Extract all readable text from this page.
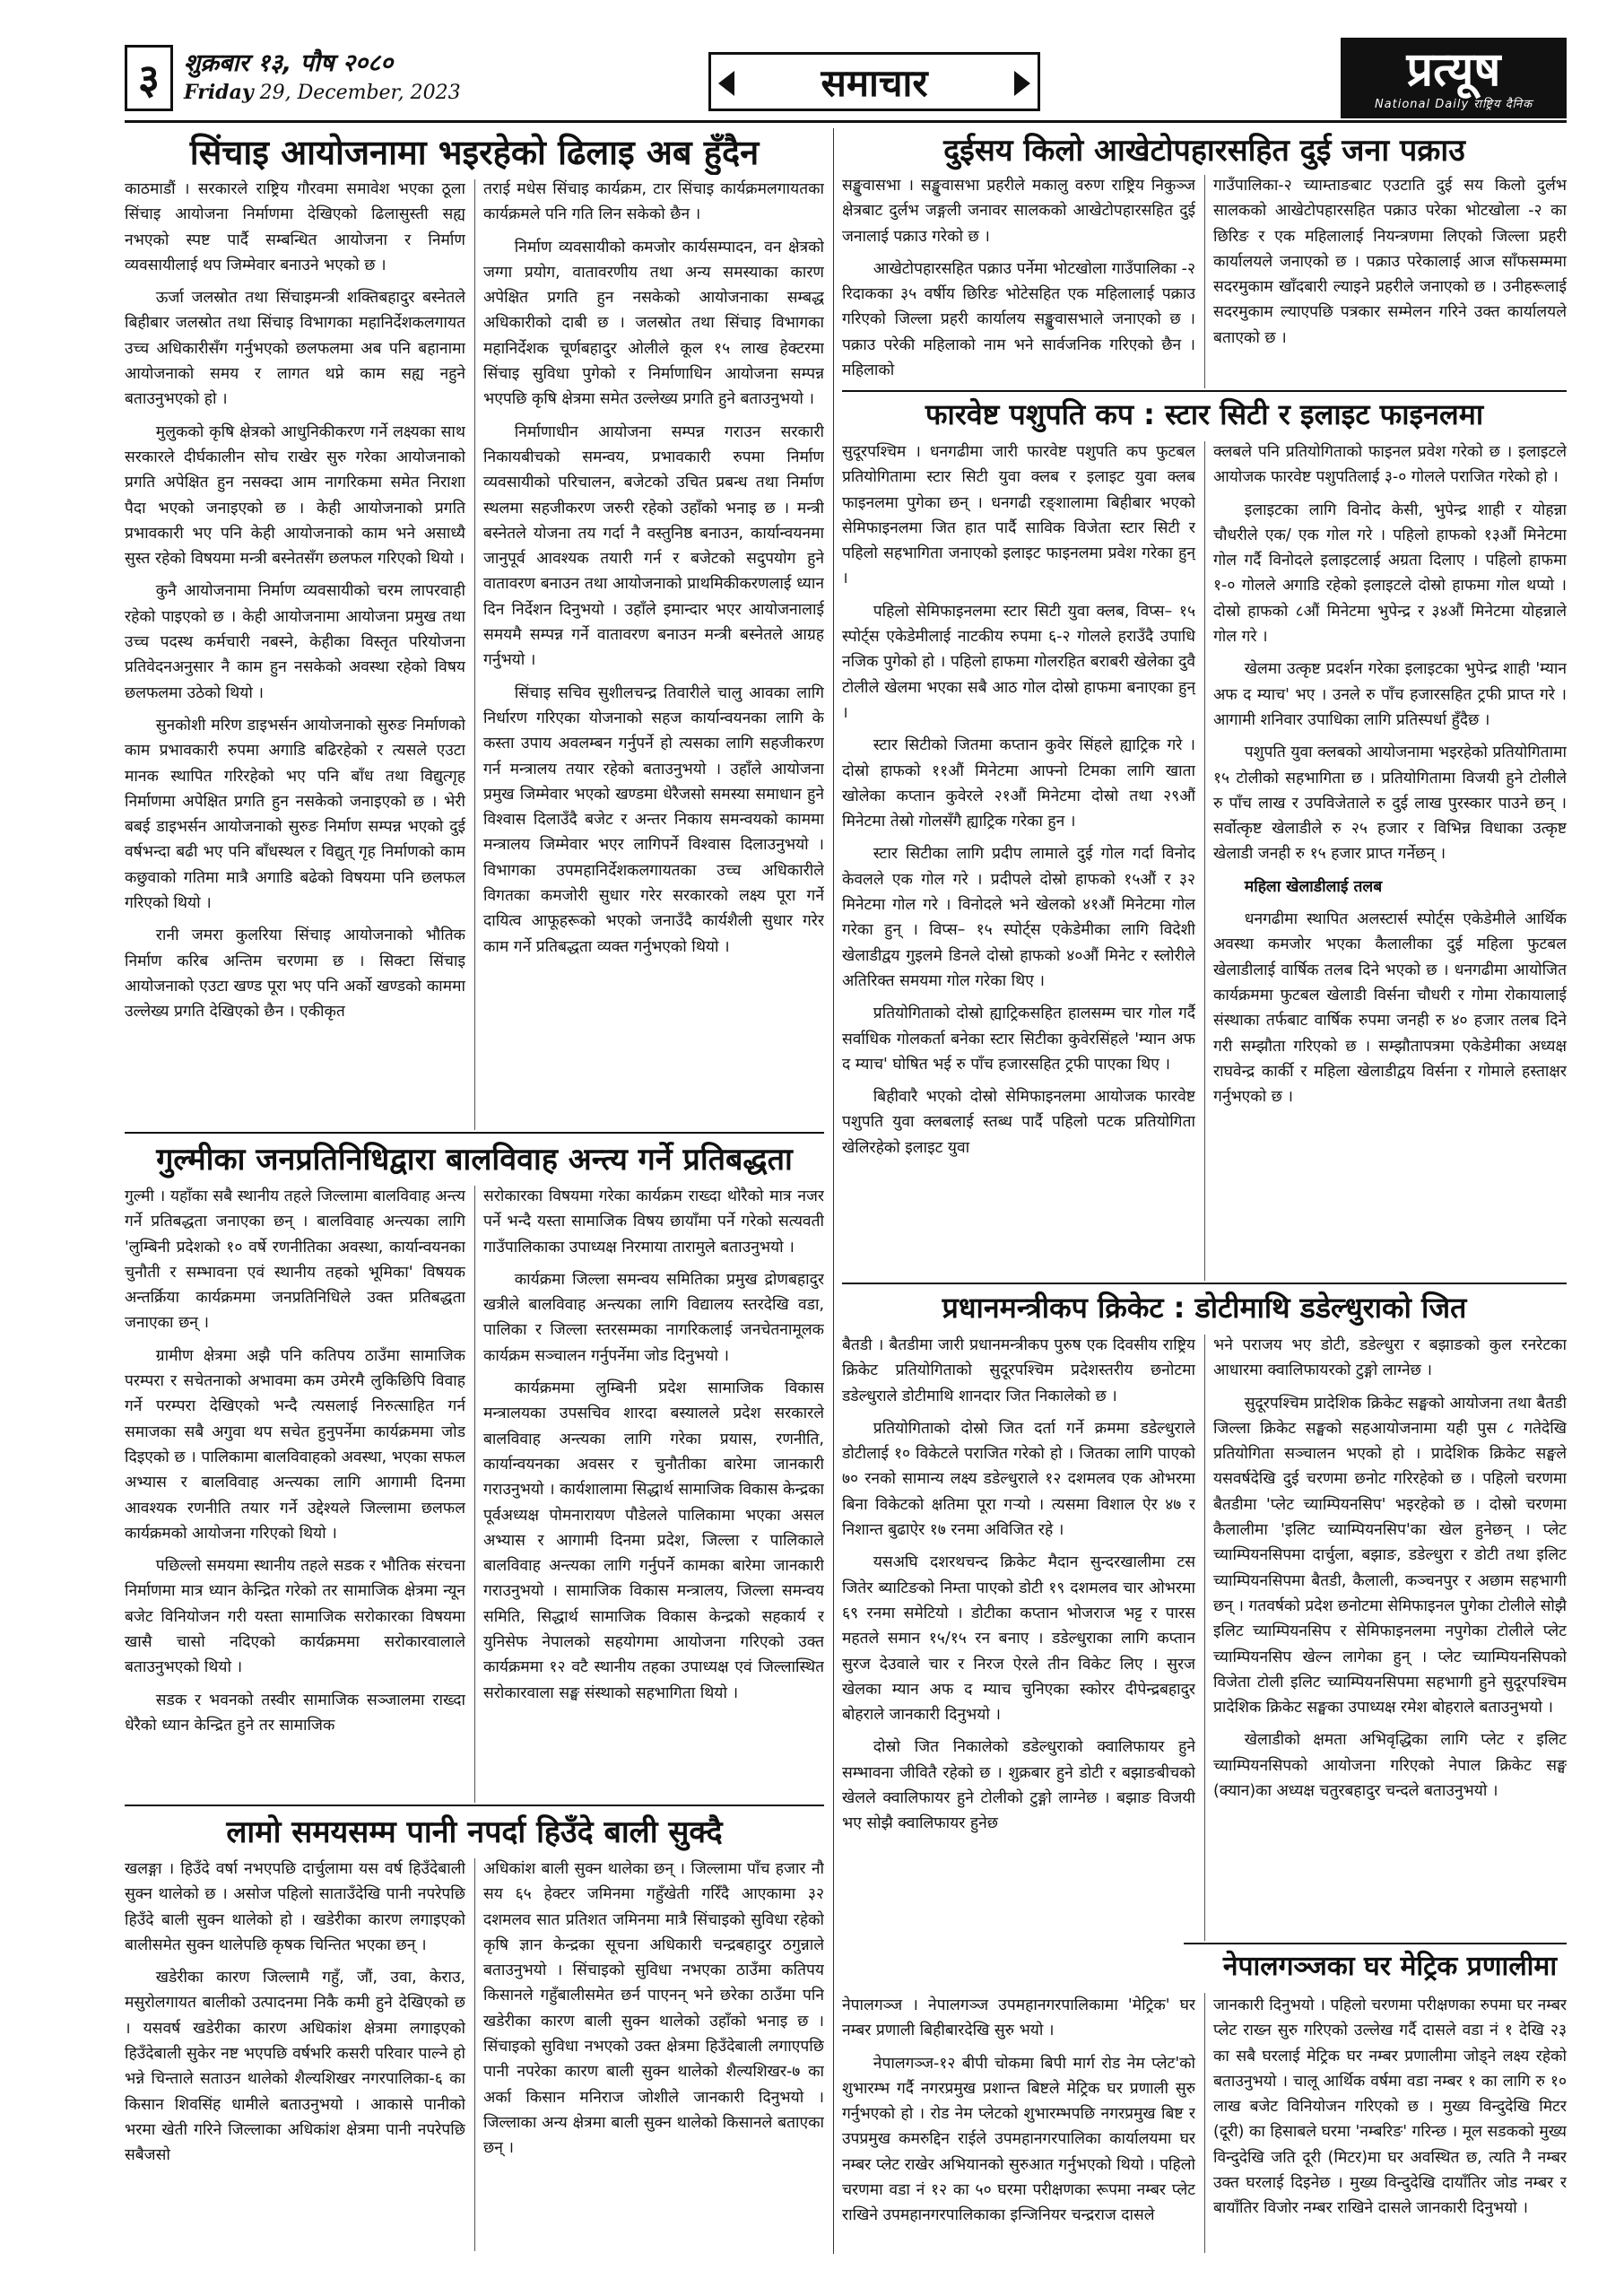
३	शुक्रबार १३, पौष २०८०
Friday 29, December, 2023	समाचार	प्रत्यूष
National Daily राष्ट्रिय दैनिक
सिंचाइ आयोजनामा भइरहेको ढिलाइ अब हुँदैन

काठमाडौं । सरकारले राष्ट्रिय गौरवमा समावेश भएका ठूला सिंचाइ आयोजना निर्माणमा देखिएको ढिलासुस्ती सह्य नभएको स्पष्ट पार्दै सम्बन्धित आयोजना र निर्माण व्यवसायीलाई थप जिम्मेवार बनाउने भएको छ ।

ऊर्जा जलस्रोत तथा सिंचाइमन्त्री शक्तिबहादुर बस्नेतले बिहीबार जलस्रोत तथा सिंचाइ विभागका महानिर्देशकलगायत उच्च अधिकारीसँग गर्नुभएको छलफलमा अब पनि बहानामा आयोजनाको समय र लागत थप्ने काम सह्य नहुने बताउनुभएको हो ।

मुलुकको कृषि क्षेत्रको आधुनिकीकरण गर्ने लक्ष्यका साथ सरकारले दीर्घकालीन सोच राखेर सुरु गरेका आयोजनाको प्रगति अपेक्षित हुन नसक्दा आम नागरिकमा समेत निराशा पैदा भएको जनाइएको छ । केही आयोजनाको प्रगति प्रभावकारी भए पनि केही आयोजनाको काम भने असाध्यै सुस्त रहेको विषयमा मन्त्री बस्नेतसँग छलफल गरिएको थियो ।

कुनै आयोजनामा निर्माण व्यवसायीको चरम लापरवाही रहेको पाइएको छ । केही आयोजनामा आयोजना प्रमुख तथा उच्च पदस्थ कर्मचारी नबस्ने, केहीका विस्तृत परियोजना प्रतिवेदनअनुसार नै काम हुन नसकेको अवस्था रहेको विषय छलफलमा उठेको थियो ।

सुनकोशी मरिण डाइभर्सन आयोजनाको सुरुङ निर्माणको काम प्रभावकारी रुपमा अगाडि बढिरहेको र त्यसले एउटा मानक स्थापित गरिरहेको भए पनि बाँध तथा विद्युत्गृह निर्माणमा अपेक्षित प्रगति हुन नसकेको जनाइएको छ । भेरी बबई डाइभर्सन आयोजनाको सुरुङ निर्माण सम्पन्न भएको दुई वर्षभन्दा बढी भए पनि बाँधस्थल र विद्युत् गृह निर्माणको काम कछुवाको गतिमा मात्रै अगाडि बढेको विषयमा पनि छलफल गरिएको थियो ।

रानी जमरा कुलरिया सिंचाइ आयोजनाको भौतिक निर्माण करिब अन्तिम चरणमा छ । सिक्टा सिंचाइ आयोजनाको एउटा खण्ड पूरा भए पनि अर्को खण्डको काममा उल्लेख्य प्रगति देखिएको छैन । एकीकृत

तराई मधेस सिंचाइ कार्यक्रम, टार सिंचाइ कार्यक्रमलगायतका कार्यक्रमले पनि गति लिन सकेको छैन ।

निर्माण व्यवसायीको कमजोर कार्यसम्पादन, वन क्षेत्रको जग्गा प्रयोग, वातावरणीय तथा अन्य समस्याका कारण अपेक्षित प्रगति हुन नसकेको आयोजनाका सम्बद्ध अधिकारीको दाबी छ । जलस्रोत तथा सिंचाइ विभागका महानिर्देशक चूर्णबहादुर ओलीले कूल १५ लाख हेक्टरमा सिंचाइ सुविधा पुगेको र निर्माणाधिन आयोजना सम्पन्न भएपछि कृषि क्षेत्रमा समेत उल्लेख्य प्रगति हुने बताउनुभयो ।

निर्माणाधीन आयोजना सम्पन्न गराउन सरकारी निकायबीचको समन्वय, प्रभावकारी रुपमा निर्माण व्यवसायीको परिचालन, बजेटको उचित प्रबन्ध तथा निर्माण स्थलमा सहजीकरण जरुरी रहेको उहाँको भनाइ छ । मन्त्री बस्नेतले योजना तय गर्दा नै वस्तुनिष्ठ बनाउन, कार्यान्वयनमा जानुपूर्व आवश्यक तयारी गर्न र बजेटको सदुपयोग हुने वातावरण बनाउन तथा आयोजनाको प्राथमिकीकरणलाई ध्यान दिन निर्देशन दिनुभयो । उहाँले इमान्दार भएर आयोजनालाई समयमै सम्पन्न गर्ने वातावरण बनाउन मन्त्री बस्नेतले आग्रह गर्नुभयो ।

सिंचाइ सचिव सुशीलचन्द्र तिवारीले चालु आवका लागि निर्धारण गरिएका योजनाको सहज कार्यान्वयनका लागि के कस्ता उपाय अवलम्बन गर्नुपर्ने हो त्यसका लागि सहजीकरण गर्न मन्त्रालय तयार रहेको बताउनुभयो । उहाँले आयोजना प्रमुख जिम्मेवार भएको खण्डमा धेरैजसो समस्या समाधान हुने विश्वास दिलाउँदै बजेट र अन्तर निकाय समन्वयको काममा मन्त्रालय जिम्मेवार भएर लागिपर्ने विश्वास दिलाउनुभयो । विभागका उपमहानिर्देशकलगायतका उच्च अधिकारीले विगतका कमजोरी सुधार गरेर सरकारको लक्ष्य पूरा गर्ने दायित्व आफूहरूको भएको जनाउँदै कार्यशैली सुधार गरेर काम गर्ने प्रतिबद्धता व्यक्त गर्नुभएको थियो ।

गुल्मीका जनप्रतिनिधिद्वारा बालविवाह अन्त्य गर्ने प्रतिबद्धता

गुल्मी । यहाँका सबै स्थानीय तहले जिल्लामा बालविवाह अन्त्य गर्ने प्रतिबद्धता जनाएका छन् । बालविवाह अन्त्यका लागि 'लुम्बिनी प्रदेशको १० वर्षे रणनीतिका अवस्था, कार्यान्वयनका चुनौती र सम्भावना एवं स्थानीय तहको भूमिका' विषयक अन्तर्क्रिया कार्यक्रममा जनप्रतिनिधिले उक्त प्रतिबद्धता जनाएका छन् ।

ग्रामीण क्षेत्रमा अझै पनि कतिपय ठाउँमा सामाजिक परम्परा र सचेतनाको अभावमा कम उमेरमै लुकिछिपि विवाह गर्ने परम्परा देखिएको भन्दै त्यसलाई निरुत्साहित गर्न समाजका सबै अगुवा थप सचेत हुनुपर्नेमा कार्यक्रममा जोड दिइएको छ । पालिकामा बालविवाहको अवस्था, भएका सफल अभ्यास र बालविवाह अन्त्यका लागि आगामी दिनमा आवश्यक रणनीति तयार गर्ने उद्देश्यले जिल्लामा छलफल कार्यक्रमको आयोजना गरिएको थियो ।

पछिल्लो समयमा स्थानीय तहले सडक र भौतिक संरचना निर्माणमा मात्र ध्यान केन्द्रित गरेको तर सामाजिक क्षेत्रमा न्यून बजेट विनियोजन गरी यस्ता सामाजिक सरोकारका विषयमा खासै चासो नदिएको कार्यक्रममा सरोकारवालाले बताउनुभएको थियो ।

सडक र भवनको तस्वीर सामाजिक सञ्जालमा राख्दा धेरैको ध्यान केन्द्रित हुने तर सामाजिक

सरोकारका विषयमा गरेका कार्यक्रम राख्दा थोरैको मात्र नजर पर्ने भन्दै यस्ता सामाजिक विषय छायाँमा पर्ने गरेको सत्यवती गाउँपालिकाका उपाध्यक्ष निरमाया तारामुले बताउनुभयो ।

कार्यक्रमा जिल्ला समन्वय समितिका प्रमुख द्रोणबहादुर खत्रीले बालविवाह अन्त्यका लागि विद्यालय स्तरदेखि वडा, पालिका र जिल्ला स्तरसम्मका नागरिकलाई जनचेतनामूलक कार्यक्रम सञ्चालन गर्नुपर्नेमा जोड दिनुभयो ।

कार्यक्रममा लुम्बिनी प्रदेश सामाजिक विकास मन्त्रालयका उपसचिव शारदा बस्यालले प्रदेश सरकारले बालविवाह अन्त्यका लागि गरेका प्रयास, रणनीति, कार्यान्वयनका अवसर र चुनौतीका बारेमा जानकारी गराउनुभयो । कार्यशालामा सिद्धार्थ सामाजिक विकास केन्द्रका पूर्वअध्यक्ष पोमनारायण पौडेलले पालिकामा भएका असल अभ्यास र आगामी दिनमा प्रदेश, जिल्ला र पालिकाले बालविवाह अन्त्यका लागि गर्नुपर्ने कामका बारेमा जानकारी गराउनुभयो । सामाजिक विकास मन्त्रालय, जिल्ला समन्वय समिति, सिद्धार्थ सामाजिक विकास केन्द्रको सहकार्य र युनिसेफ नेपालको सहयोगमा आयोजना गरिएको उक्त कार्यक्रममा १२ वटै स्थानीय तहका उपाध्यक्ष एवं जिल्लास्थित सरोकारवाला सङ्घ संस्थाको सहभागिता थियो ।

लामो समयसम्म पानी नपर्दा हिउँदे बाली सुक्दै

खलङ्गा । हिउँदे वर्षा नभएपछि दार्चुलामा यस वर्ष हिउँदेबाली सुक्न थालेको छ । असोज पहिलो साताउँदेखि पानी नपरेपछि हिउँदे बाली सुक्न थालेको हो । खडेरीका कारण लगाइएको बालीसमेत सुक्न थालेपछि कृषक चिन्तित भएका छन् ।

खडेरीका कारण जिल्लामै गहुँ, जौं, उवा, केराउ, मसुरोलगायत बालीको उत्पादनमा निकै कमी हुने देखिएको छ । यसवर्ष खडेरीका कारण अधिकांश क्षेत्रमा लगाइएको हिउँदेबाली सुकेर नष्ट भएपछि वर्षभरि कसरी परिवार पाल्ने हो भन्ने चिन्ताले सताउन थालेको शैल्यशिखर नगरपालिका-६ का किसान शिवसिंह धामीले बताउनुभयो । आकासे पानीको भरमा खेती गरिने जिल्लाका अधिकांश क्षेत्रमा पानी नपरेपछि सबैजसो

अधिकांश बाली सुक्न थालेका छन् । जिल्लामा पाँच हजार नौ सय ६५ हेक्टर जमिनमा गहुँखेती गरिँदै आएकामा ३२ दशमलव सात प्रतिशत जमिनमा मात्रै सिंचाइको सुविधा रहेको कृषि ज्ञान केन्द्रका सूचना अधिकारी चन्द्रबहादुर ठगुन्नाले बताउनुभयो । सिंचाइको सुविधा नभएका ठाउँमा कतिपय किसानले गहुँबालीसमेत छर्न पाएनन् भने छरेका ठाउँमा पनि खडेरीका कारण बाली सुक्न थालेको उहाँको भनाइ छ । सिंचाइको सुविधा नभएको उक्त क्षेत्रमा हिउँदेबाली लगाएपछि पानी नपरेका कारण बाली सुक्न थालेको शैल्यशिखर-७ का अर्का किसान मनिराज जोशीले जानकारी दिनुभयो । जिल्लाका अन्य क्षेत्रमा बाली सुक्न थालेको किसानले बताएका छन् ।

दुईसय किलो आखेटोपहारसहित दुई जना पक्राउ

सङ्खुवासभा । सङ्खुवासभा प्रहरीले मकालु वरुण राष्ट्रिय निकुञ्ज क्षेत्रबाट दुर्लभ जङ्गली जनावर सालकको आखेटोपहारसहित दुई जनालाई पक्राउ गरेको छ ।

आखेटोपहारसहित पक्राउ पर्नेमा भोटखोला गाउँपालिका -२ रिदाकका ३५ वर्षीय छिरिङ भोटेसहित एक महिलालाई पक्राउ गरिएको जिल्ला प्रहरी कार्यालय सङ्खुवासभाले जनाएको छ । पक्राउ परेकी महिलाको नाम भने सार्वजनिक गरिएको छैन । महिलाको

गाउँपालिका-२ च्याम्ताङबाट एउटाति दुई सय किलो दुर्लभ सालकको आखेटोपहारसहित पक्राउ परेका भोटखोला -२ का छिरिङ र एक महिलालाई नियन्त्रणमा लिएको जिल्ला प्रहरी कार्यालयले जनाएको छ । पक्राउ परेकालाई आज साँफसम्ममा सदरमुकाम खाँदबारी ल्याइने प्रहरीले जनाएको छ । उनीहरूलाई सदरमुकाम ल्याएपछि पत्रकार सम्मेलन गरिने उक्त कार्यालयले बताएको छ ।

फारवेष्ट पशुपति कप : स्टार सिटी र इलाइट फाइनलमा

सुदूरपश्चिम । धनगढीमा जारी फारवेष्ट पशुपति कप फुटबल प्रतियोगितामा स्टार सिटी युवा क्लब र इलाइट युवा क्लब फाइनलमा पुगेका छन् । धनगढी रङ्शालामा बिहीबार भएको सेमिफाइनलमा जित हात पार्दै साविक विजेता स्टार सिटी र पहिलो सहभागिता जनाएको इलाइट फाइनलमा प्रवेश गरेका हुन् ।

पहिलो सेमिफाइनलमा स्टार सिटी युवा क्लब, विप्स– १५ स्पोर्ट्स एकेडेमीलाई नाटकीय रुपमा ६-२ गोलले हराउँदै उपाधि नजिक पुगेको हो । पहिलो हाफमा गोलरहित बराबरी खेलेका दुवै टोलीले खेलमा भएका सबै आठ गोल दोस्रो हाफमा बनाएका हुन् ।

स्टार सिटीको जितमा कप्तान कुवेर सिंहले ह्याट्रिक गरे । दोस्रो हाफको ११औं मिनेटमा आफ्नो टिमका लागि खाता खोलेका कप्तान कुवेरले २१औं मिनेटमा दोस्रो तथा २९औं मिनेटमा तेस्रो गोलसँगै ह्याट्रिक गरेका हुन ।

स्टार सिटीका लागि प्रदीप लामाले दुई गोल गर्दा विनोद केवलले एक गोल गरे । प्रदीपले दोस्रो हाफको १५औं र ३२ मिनेटमा गोल गरे । विनोदले भने खेलको ४१औं मिनेटमा गोल गरेका हुन् । विप्स– १५ स्पोर्ट्स एकेडेमीका लागि विदेशी खेलाडीद्वय गुइलमे डिनले दोस्रो हाफको ४०औं मिनेट र स्लोरीले अतिरिक्त समयमा गोल गरेका थिए ।

प्रतियोगिताको दोस्रो ह्याट्रिकसहित हालसम्म चार गोल गर्दै सर्वाधिक गोलकर्ता बनेका स्टार सिटीका कुवेरसिंहले 'म्यान अफ द म्याच' घोषित भई रु पाँच हजारसहित ट्रफी पाएका थिए ।

बिहीवारै भएको दोस्रो सेमिफाइनलमा आयोजक फारवेष्ट पशुपति युवा क्लबलाई स्तब्ध पार्दै पहिलो पटक प्रतियोगिता खेलिरहेको इलाइट युवा

क्लबले पनि प्रतियोगिताको फाइनल प्रवेश गरेको छ । इलाइटले आयोजक फारवेष्ट पशुपतिलाई ३-० गोलले पराजित गरेको हो ।

इलाइटका लागि विनोद केसी, भुपेन्द्र शाही र योहन्ना चौधरीले एक/ एक गोल गरे । पहिलो हाफको १३औं मिनेटमा गोल गर्दै विनोदले इलाइटलाई अग्रता दिलाए । पहिलो हाफमा १-० गोलले अगाडि रहेको इलाइटले दोस्रो हाफमा गोल थप्यो । दोस्रो हाफको ८औं मिनेटमा भुपेन्द्र र ३४औं मिनेटमा योहन्नाले गोल गरे ।

खेलमा उत्कृष्ट प्रदर्शन गरेका इलाइटका भुपेन्द्र शाही 'म्यान अफ द म्याच' भए । उनले रु पाँच हजारसहित ट्रफी प्राप्त गरे । आगामी शनिवार उपाधिका लागि प्रतिस्पर्धा हुँदैछ ।

पशुपति युवा क्लबको आयोजनामा भइरहेको प्रतियोगितामा १५ टोलीको सहभागिता छ । प्रतियोगितामा विजयी हुने टोलीले रु पाँच लाख र उपविजेताले रु दुई लाख पुरस्कार पाउने छन् । सर्वोत्कृष्ट खेलाडीले रु २५ हजार र विभिन्न विधाका उत्कृष्ट खेलाडी जनही रु १५ हजार प्राप्त गर्नेछन् ।

महिला खेलाडीलाई तलब

धनगढीमा स्थापित अलस्टार्स स्पोर्ट्स एकेडेमीले आर्थिक अवस्था कमजोर भएका कैलालीका दुई महिला फुटबल खेलाडीलाई वार्षिक तलब दिने भएको छ । धनगढीमा आयोजित कार्यक्रममा फुटबल खेलाडी विर्सना चौधरी र गोमा रोकायालाई संस्थाका तर्फबाट वार्षिक रुपमा जनही रु ४० हजार तलब दिने गरी सम्झौता गरिएको छ । सम्झौतापत्रमा एकेडेमीका अध्यक्ष राघवेन्द्र कार्की र महिला खेलाडीद्वय विर्सना र गोमाले हस्ताक्षर गर्नुभएको छ ।

प्रधानमन्त्रीकप क्रिकेट : डोटीमाथि डडेल्धुराको जित

बैतडी । बैतडीमा जारी प्रधानमन्त्रीकप पुरुष एक दिवसीय राष्ट्रिय क्रिकेट प्रतियोगिताको सुदूरपश्चिम प्रदेशस्तरीय छनोटमा डडेल्धुराले डोटीमाथि शानदार जित निकालेको छ ।

प्रतियोगिताको दोस्रो जित दर्ता गर्ने क्रममा डडेल्धुराले डोटीलाई १० विकेटले पराजित गरेको हो । जितका लागि पाएको ७० रनको सामान्य लक्ष्य डडेल्धुराले १२ दशमलव एक ओभरमा बिना विकेटको क्षतिमा पूरा गऱ्यो । त्यसमा विशाल ऐर ४७ र निशान्त बुढाऐर १७ रनमा अविजित रहे ।

यसअघि दशरथचन्द क्रिकेट मैदान सुन्दरखालीमा टस जितेर ब्याटिङको निम्ता पाएको डोटी १९ दशमलव चार ओभरमा ६९ रनमा समेटियो । डोटीका कप्तान भोजराज भट्ट र पारस महतले समान १५/१५ रन बनाए । डडेल्धुराका लागि कप्तान सुरज देउवाले चार र निरज ऐरले तीन विकेट लिए । सुरज खेलका म्यान अफ द म्याच चुनिएका स्कोरर दीपेन्द्रबहादुर बोहराले जानकारी दिनुभयो ।

दोस्रो जित निकालेको डडेल्धुराको क्वालिफायर हुने सम्भावना जीवितै रहेको छ । शुक्रबार हुने डोटी र बझाङबीचको खेलले क्वालिफायर हुने टोलीको टुङ्गो लाग्नेछ । बझाङ विजयी भए सोझै क्वालिफायर हुनेछ

भने पराजय भए डोटी, डडेल्धुरा र बझाङको कुल रनरेटका आधारमा क्वालिफायरको टुङ्गो लाग्नेछ ।

सुदूरपश्चिम प्रादेशिक क्रिकेट सङ्घको आयोजना तथा बैतडी जिल्ला क्रिकेट सङ्घको सहआयोजनामा यही पुस ८ गतेदेखि प्रतियोगिता सञ्चालन भएको हो । प्रादेशिक क्रिकेट सङ्घले यसवर्षदेखि दुई चरणमा छनोट गरिरहेको छ । पहिलो चरणमा बैतडीमा 'प्लेट च्याम्पियनसिप' भइरहेको छ । दोस्रो चरणमा कैलालीमा 'इलिट च्याम्पियनसिप'का खेल हुनेछन् । प्लेट च्याम्पियनसिपमा दार्चुला, बझाङ, डडेल्धुरा र डोटी तथा इलिट च्याम्पियनसिपमा बैतडी, कैलाली, कञ्चनपुर र अछाम सहभागी छन् । गतवर्षको प्रदेश छनोटमा सेमिफाइनल पुगेका टोलीले सोझै इलिट च्याम्पियनसिप र सेमिफाइनलमा नपुगेका टोलीले प्लेट च्याम्पियनसिप खेल्न लागेका हुन् । प्लेट च्याम्पियनसिपको विजेता टोली इलिट च्याम्पियनसिपमा सहभागी हुने सुदूरपश्चिम प्रादेशिक क्रिकेट सङ्घका उपाध्यक्ष रमेश बोहराले बताउनुभयो ।

खेलाडीको क्षमता अभिवृद्धिका लागि प्लेट र इलिट च्याम्पियनसिपको आयोजना गरिएको नेपाल क्रिकेट सङ्घ (क्यान)का अध्यक्ष चतुरबहादुर चन्दले बताउनुभयो ।

नेपालगञ्जका घर मेट्रिक प्रणालीमा

नेपालगञ्ज । नेपालगञ्ज उपमहानगरपालिकामा 'मेट्रिक' घर नम्बर प्रणाली बिहीबारदेखि सुरु भयो ।

नेपालगञ्ज-१२ बीपी चोकमा बिपी मार्ग रोड नेम प्लेट'को शुभारम्भ गर्दै नगरप्रमुख प्रशान्त बिष्टले मेट्रिक घर प्रणाली सुरु गर्नुभएको हो । रोड नेम प्लेटको शुभारम्भपछि नगरप्रमुख बिष्ट र उपप्रमुख कमरुद्दिन राईले उपमहानगरपालिका कार्यालयमा घर नम्बर प्लेट राखेर अभियानको सुरुआत गर्नुभएको थियो । पहिलो चरणमा वडा नं १२ का ५० घरमा परीक्षणका रूपमा नम्बर प्लेट राखिने उपमहानगरपालिकाका इन्जिनियर चन्द्रराज दासले

जानकारी दिनुभयो । पहिलो चरणमा परीक्षणका रुपमा घर नम्बर प्लेट राख्न सुरु गरिएको उल्लेख गर्दै दासले वडा नं १ देखि २३ का सबै घरलाई मेट्रिक घर नम्बर प्रणालीमा जोड्ने लक्ष्य रहेको बताउनुभयो । चालू आर्थिक वर्षमा वडा नम्बर १ का लागि रु १० लाख बजेट विनियोजन गरिएको छ । मुख्य विन्दुदेखि मिटर (दूरी) का हिसाबले घरमा 'नम्बरिङ' गरिन्छ । मूल सडकको मुख्य विन्दुदेखि जति दूरी (मिटर)मा घर अवस्थित छ, त्यति नै नम्बर उक्त घरलाई दिइनेछ । मुख्य विन्दुदेखि दायाँतिर जोड नम्बर र बायाँतिर विजोर नम्बर राखिने दासले जानकारी दिनुभयो ।
